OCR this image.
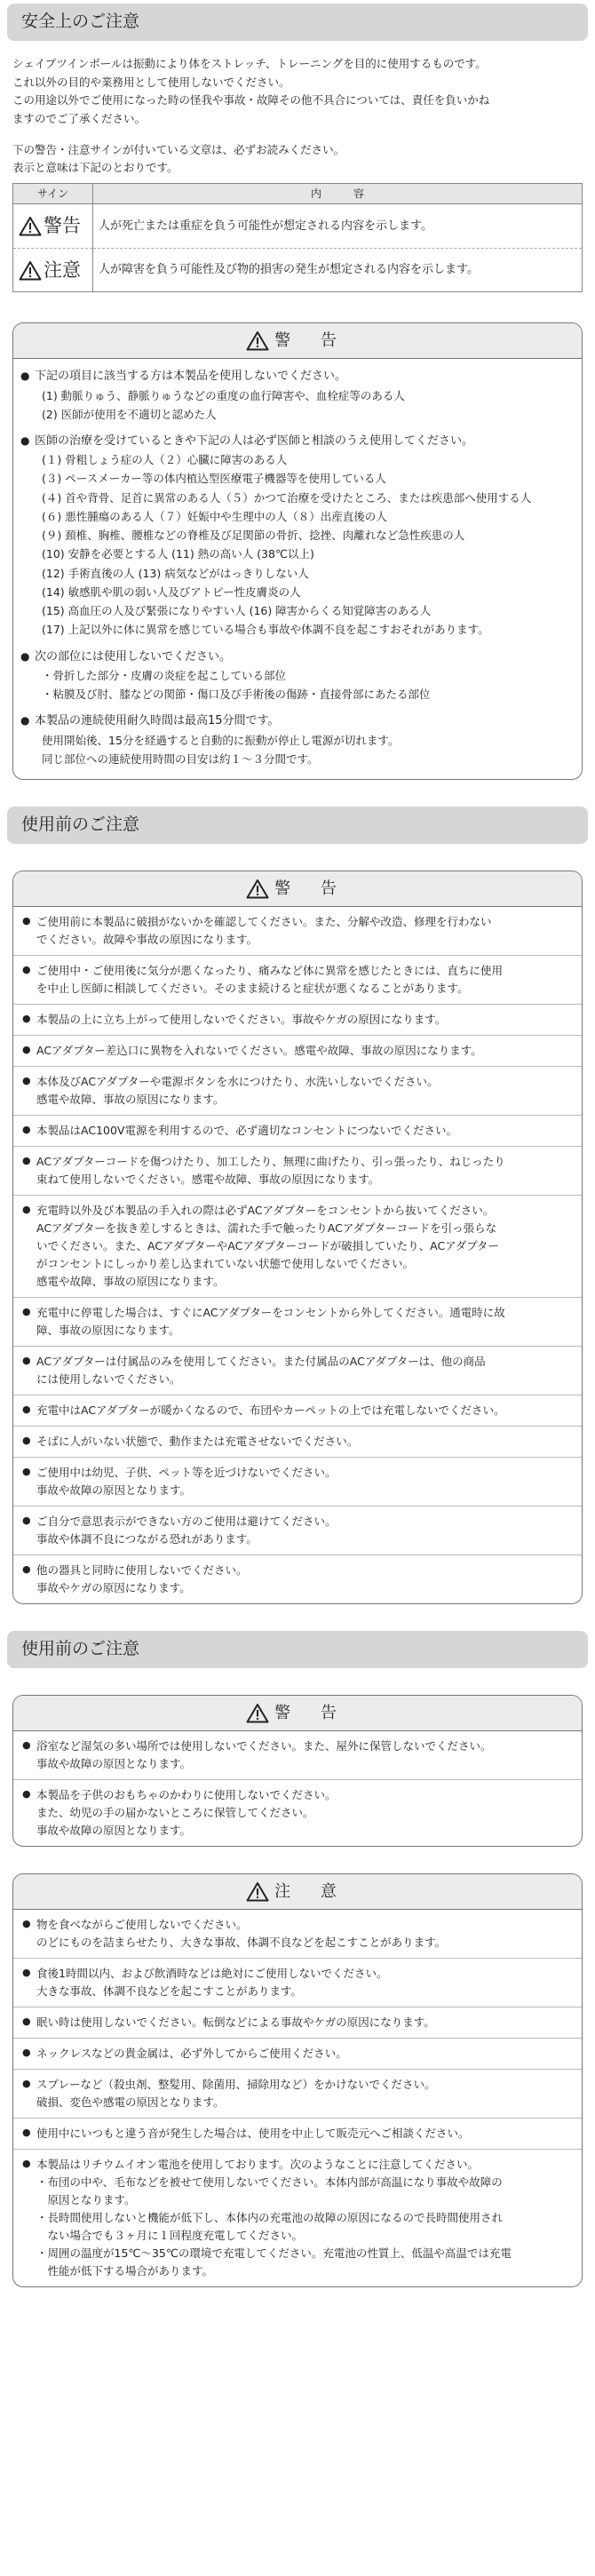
安全上のご注意

シェイプツインボールは振動により体をストレッチ、トレーニングを目的に使用するものです。

これ以外の目的や業務用として使用しないでください。

この用途以外でご使用になった時の怪我や事故・故障その他不具合については、責任を負いかね

ますのでご了承ください。

下の警告・注意サインが付いている文章は、必ずお読みください。

表示と意味は下記のとおりです。

サイン	内　　　容
警告	人が死亡または重症を負う可能性が想定される内容を示します。
注意	人が障害を負う可能性及び物的損害の発生が想定される内容を示します。
警 告
● 下記の項目に該当する方は本製品を使用しないでください。
(1) 動脈りゅう、静脈りゅうなどの重度の血行障害や、血栓症等のある人
(2) 医師が使用を不適切と認めた人
● 医師の治療を受けているときや下記の人は必ず医師と相談のうえ使用してください。
(１) 骨粗しょう症の人（２）心臓に障害のある人
(３) ペースメーカー等の体内植込型医療電子機器等を使用している人
(４) 首や背骨、足首に異常のある人（５）かつて治療を受けたところ、または疾患部へ使用する人
(６) 悪性腫瘍のある人（７）妊娠中や生理中の人（８）出産直後の人
(９) 頚椎、胸椎、腰椎などの脊椎及び足関節の骨折、捻挫、肉離れなど急性疾患の人
(10) 安静を必要とする人 (11) 熱の高い人 (38℃以上)
(12) 手術直後の人 (13) 病気などがはっきりしない人
(14) 敏感肌や肌の弱い人及びアトピー性皮膚炎の人
(15) 高血圧の人及び緊張になりやすい人 (16) 障害からくる知覚障害のある人
(17) 上記以外に体に異常を感じている場合も事故や体調不良を起こすおそれがあります。
● 次の部位には使用しないでください。
・骨折した部分・皮膚の炎症を起こしている部位
・粘膜及び肘、膝などの関節・傷口及び手術後の傷跡・直接骨部にあたる部位
● 本製品の連続使用耐久時間は最高15分間です。
使用開始後、15分を経過すると自動的に振動が停止し電源が切れます。
同じ部位への連続使用時間の目安は約１〜３分間です。
使用前のご注意
警 告
● ご使用前に本製品に破損がないかを確認してください。また、分解や改造、修理を行わない
でください。故障や事故の原因になります。
● ご使用中・ご使用後に気分が悪くなったり、痛みなど体に異常を感じたときには、直ちに使用
を中止し医師に相談してください。そのまま続けると症状が悪くなることがあります。
● 本製品の上に立ち上がって使用しないでください。事故やケガの原因になります。
● ACアダプター差込口に異物を入れないでください。感電や故障、事故の原因になります。
● 本体及びACアダプターや電源ボタンを水につけたり、水洗いしないでください。
感電や故障、事故の原因になります。
● 本製品はAC100V電源を利用するので、必ず適切なコンセントにつないでください。
● ACアダプターコードを傷つけたり、加工したり、無理に曲げたり、引っ張ったり、ねじったり
束ねて使用しないでください。感電や故障、事故の原因になります。
● 充電時以外及び本製品の手入れの際は必ずACアダプターをコンセントから抜いてください。
ACアダプターを抜き差しするときは、濡れた手で触ったりACアダプターコードを引っ張らな
いでください。また、ACアダプターやACアダプターコードが破損していたり、ACアダプター
がコンセントにしっかり差し込まれていない状態で使用しないでください。
感電や故障、事故の原因になります。
● 充電中に停電した場合は、すぐにACアダプターをコンセントから外してください。通電時に故
障、事故の原因になります。
● ACアダプターは付属品のみを使用してください。また付属品のACアダプターは、他の商品
には使用しないでください。
● 充電中はACアダプターが暖かくなるので、布団やカーペットの上では充電しないでください。
● そばに人がいない状態で、動作または充電させないでください。
● ご使用中は幼児、子供、ペット等を近づけないでください。
事故や故障の原因となります。
● ご自分で意思表示ができない方のご使用は避けてください。
事故や体調不良につながる恐れがあります。
● 他の器具と同時に使用しないでください。
事故やケガの原因になります。
使用前のご注意
警 告
● 浴室など湿気の多い場所では使用しないでください。また、屋外に保管しないでください。
事故や故障の原因となります。
● 本製品を子供のおもちゃのかわりに使用しないでください。
また、幼児の手の届かないところに保管してください。
事故や故障の原因となります。
注 意
● 物を食べながらご使用しないでください。
のどにものを詰まらせたり、大きな事故、体調不良などを起こすことがあります。
● 食後1時間以内、および飲酒時などは絶対にご使用しないでください。
大きな事故、体調不良などを起こすことがあります。
● 眠い時は使用しないでください。転倒などによる事故やケガの原因になります。
● ネックレスなどの貴金属は、必ず外してからご使用ください。
● スプレーなど（殺虫剤、整髪用、除菌用、掃除用など）をかけないでください。
破損、変色や感電の原因となります。
● 使用中にいつもと違う音が発生した場合は、使用を中止して販売元へご相談ください。
● 本製品はリチウムイオン電池を使用しております。次のようなことに注意してください。
・布団の中や、毛布などを被せて使用しないでください。本体内部が高温になり事故や故障の
　原因となります。
・長時間使用しないと機能が低下し、本体内の充電池の故障の原因になるので長時間使用され
　ない場合でも３ヶ月に１回程度充電してください。
・周囲の温度が15℃〜35℃の環境で充電してください。充電池の性質上、低温や高温では充電
　性能が低下する場合があります。
